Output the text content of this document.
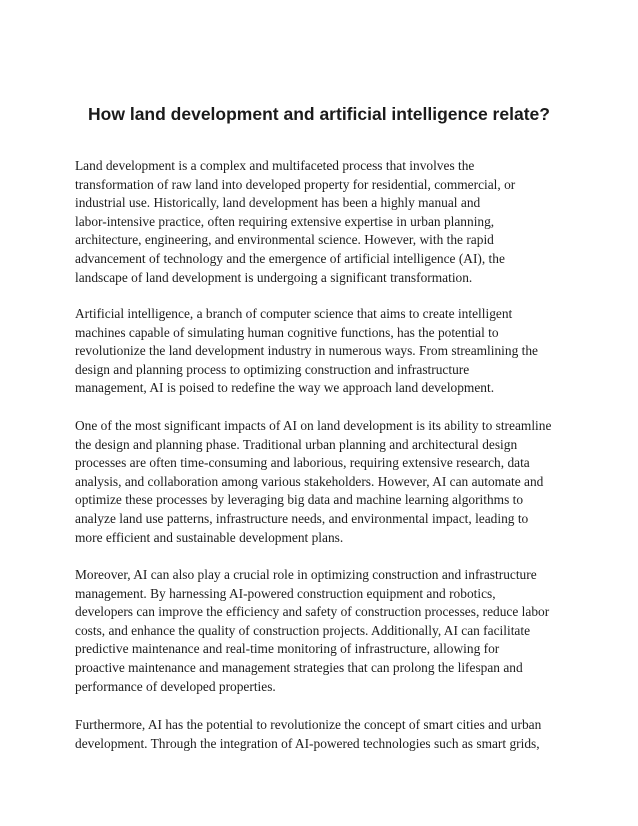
How land development and artificial intelligence relate?

Land development is a complex and multifaceted process that involves the
transformation of raw land into developed property for residential, commercial, or
industrial use. Historically, land development has been a highly manual and
labor-intensive practice, often requiring extensive expertise in urban planning,
architecture, engineering, and environmental science. However, with the rapid
advancement of technology and the emergence of artificial intelligence (AI), the
landscape of land development is undergoing a significant transformation.

Artificial intelligence, a branch of computer science that aims to create intelligent
machines capable of simulating human cognitive functions, has the potential to
revolutionize the land development industry in numerous ways. From streamlining the
design and planning process to optimizing construction and infrastructure
management, AI is poised to redefine the way we approach land development.

One of the most significant impacts of AI on land development is its ability to streamline
the design and planning phase. Traditional urban planning and architectural design
processes are often time-consuming and laborious, requiring extensive research, data
analysis, and collaboration among various stakeholders. However, AI can automate and
optimize these processes by leveraging big data and machine learning algorithms to
analyze land use patterns, infrastructure needs, and environmental impact, leading to
more efficient and sustainable development plans.

Moreover, AI can also play a crucial role in optimizing construction and infrastructure
management. By harnessing AI-powered construction equipment and robotics,
developers can improve the efficiency and safety of construction processes, reduce labor
costs, and enhance the quality of construction projects. Additionally, AI can facilitate
predictive maintenance and real-time monitoring of infrastructure, allowing for
proactive maintenance and management strategies that can prolong the lifespan and
performance of developed properties.

Furthermore, AI has the potential to revolutionize the concept of smart cities and urban
development. Through the integration of AI-powered technologies such as smart grids,
